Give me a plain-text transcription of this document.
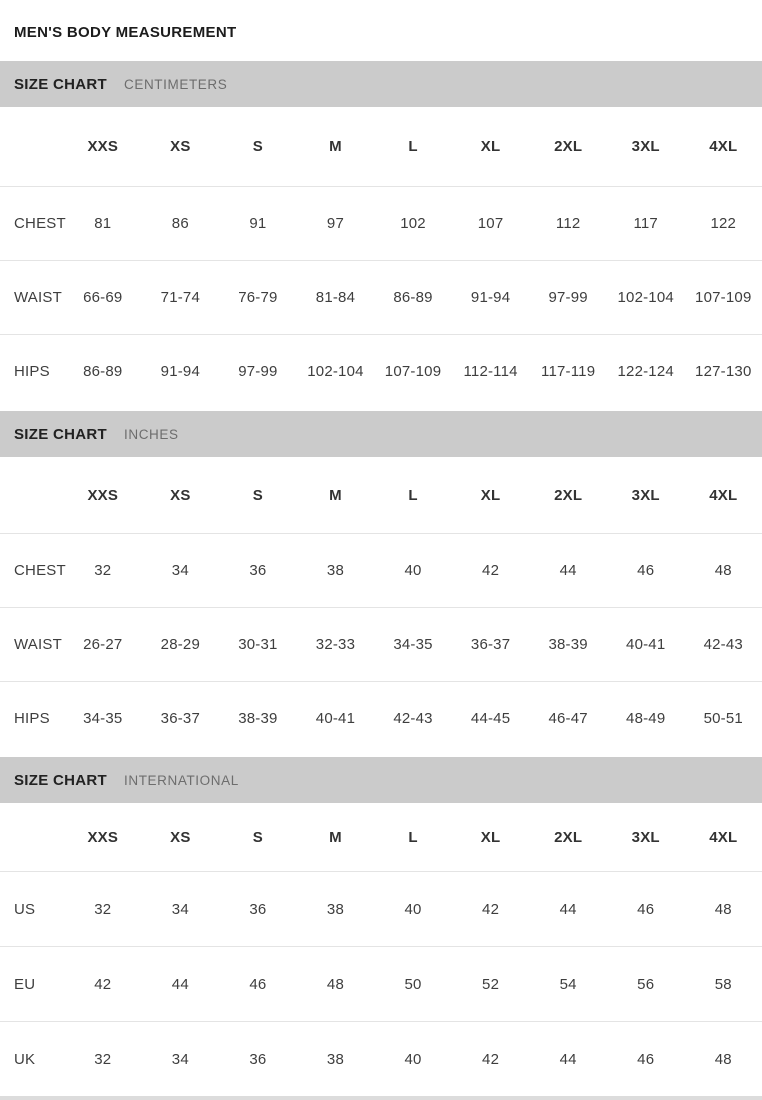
MEN'S BODY MEASUREMENT
SIZE CHART CENTIMETERS
XXS	XS	S	M	L	XL	2XL	3XL	4XL
CHEST	81	86	91	97	102	107	112	117	122
WAIST	66-69	71-74	76-79	81-84	86-89	91-94	97-99	102-104	107-109
HIPS	86-89	91-94	97-99	102-104	107-109	112-114	117-119	122-124	127-130
SIZE CHART INCHES
XXS	XS	S	M	L	XL	2XL	3XL	4XL
CHEST	32	34	36	38	40	42	44	46	48
WAIST	26-27	28-29	30-31	32-33	34-35	36-37	38-39	40-41	42-43
HIPS	34-35	36-37	38-39	40-41	42-43	44-45	46-47	48-49	50-51
SIZE CHART INTERNATIONAL
XXS	XS	S	M	L	XL	2XL	3XL	4XL
US	32	34	36	38	40	42	44	46	48
EU	42	44	46	48	50	52	54	56	58
UK	32	34	36	38	40	42	44	46	48
